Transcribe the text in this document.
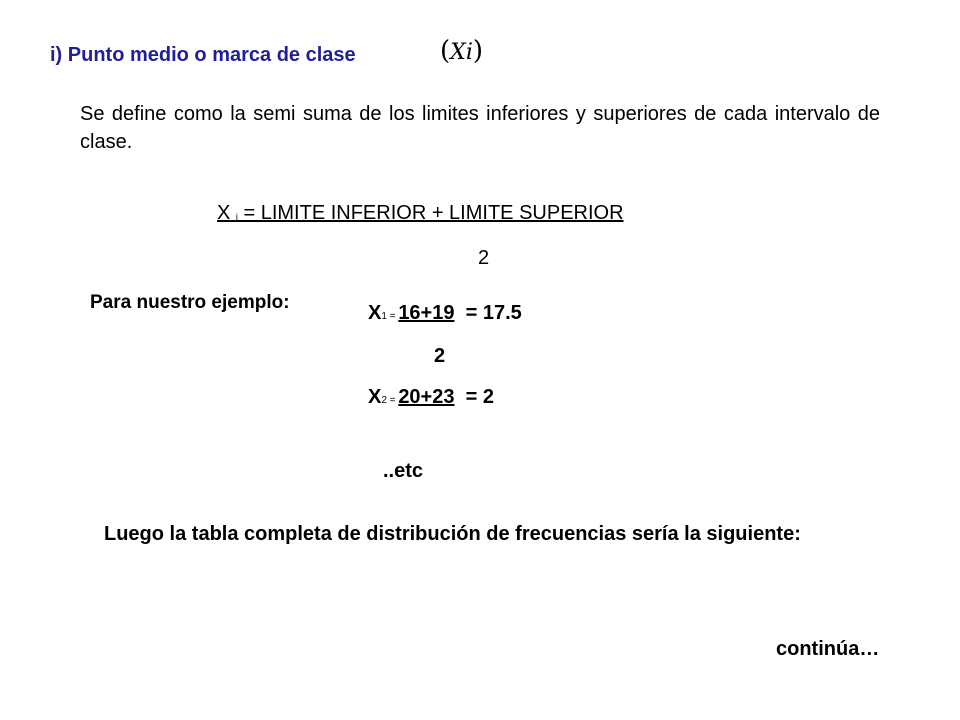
i) Punto medio o marca de clase	(Xi)
Se define como la semi suma de los limites inferiores y superiores de cada intervalo de clase.
X i = LIMITE INFERIOR + LIMITE SUPERIOR
2
Para nuestro ejemplo:	X1 = 16+19 = 17.5
2
X2 = 20+23 = 2
..etc
Luego la tabla completa de distribución de frecuencias sería la siguiente:
continúa…
